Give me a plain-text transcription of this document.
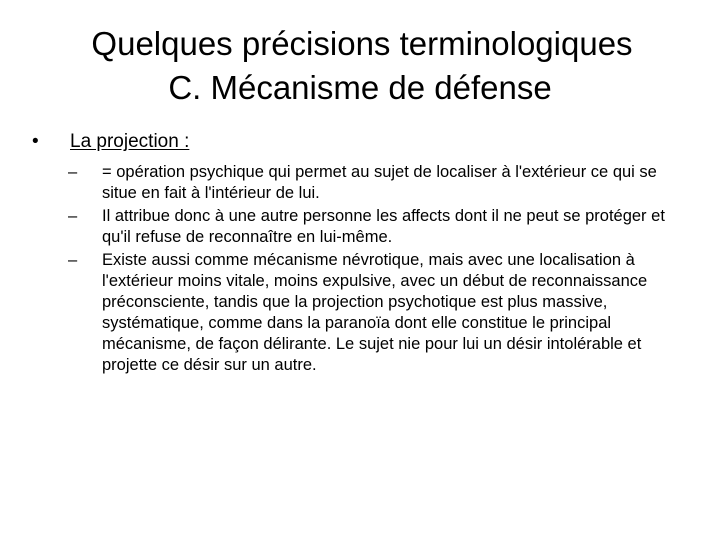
Quelques précisions terminologiques
C. Mécanisme de défense
•	La projection :
–	= opération psychique qui permet au sujet de localiser à l'extérieur ce qui se situe en fait à l'intérieur de lui.
–	Il attribue donc à une autre personne les affects dont il ne peut se protéger et qu'il refuse de reconnaître en lui-même.
–	Existe aussi comme mécanisme névrotique, mais avec une localisation à l'extérieur moins vitale, moins expulsive, avec un début de reconnaissance préconsciente, tandis que la projection psychotique est plus massive, systématique, comme dans la paranoïa dont elle constitue le principal mécanisme, de façon délirante. Le sujet nie pour lui un désir intolérable et projette ce désir sur un autre.
